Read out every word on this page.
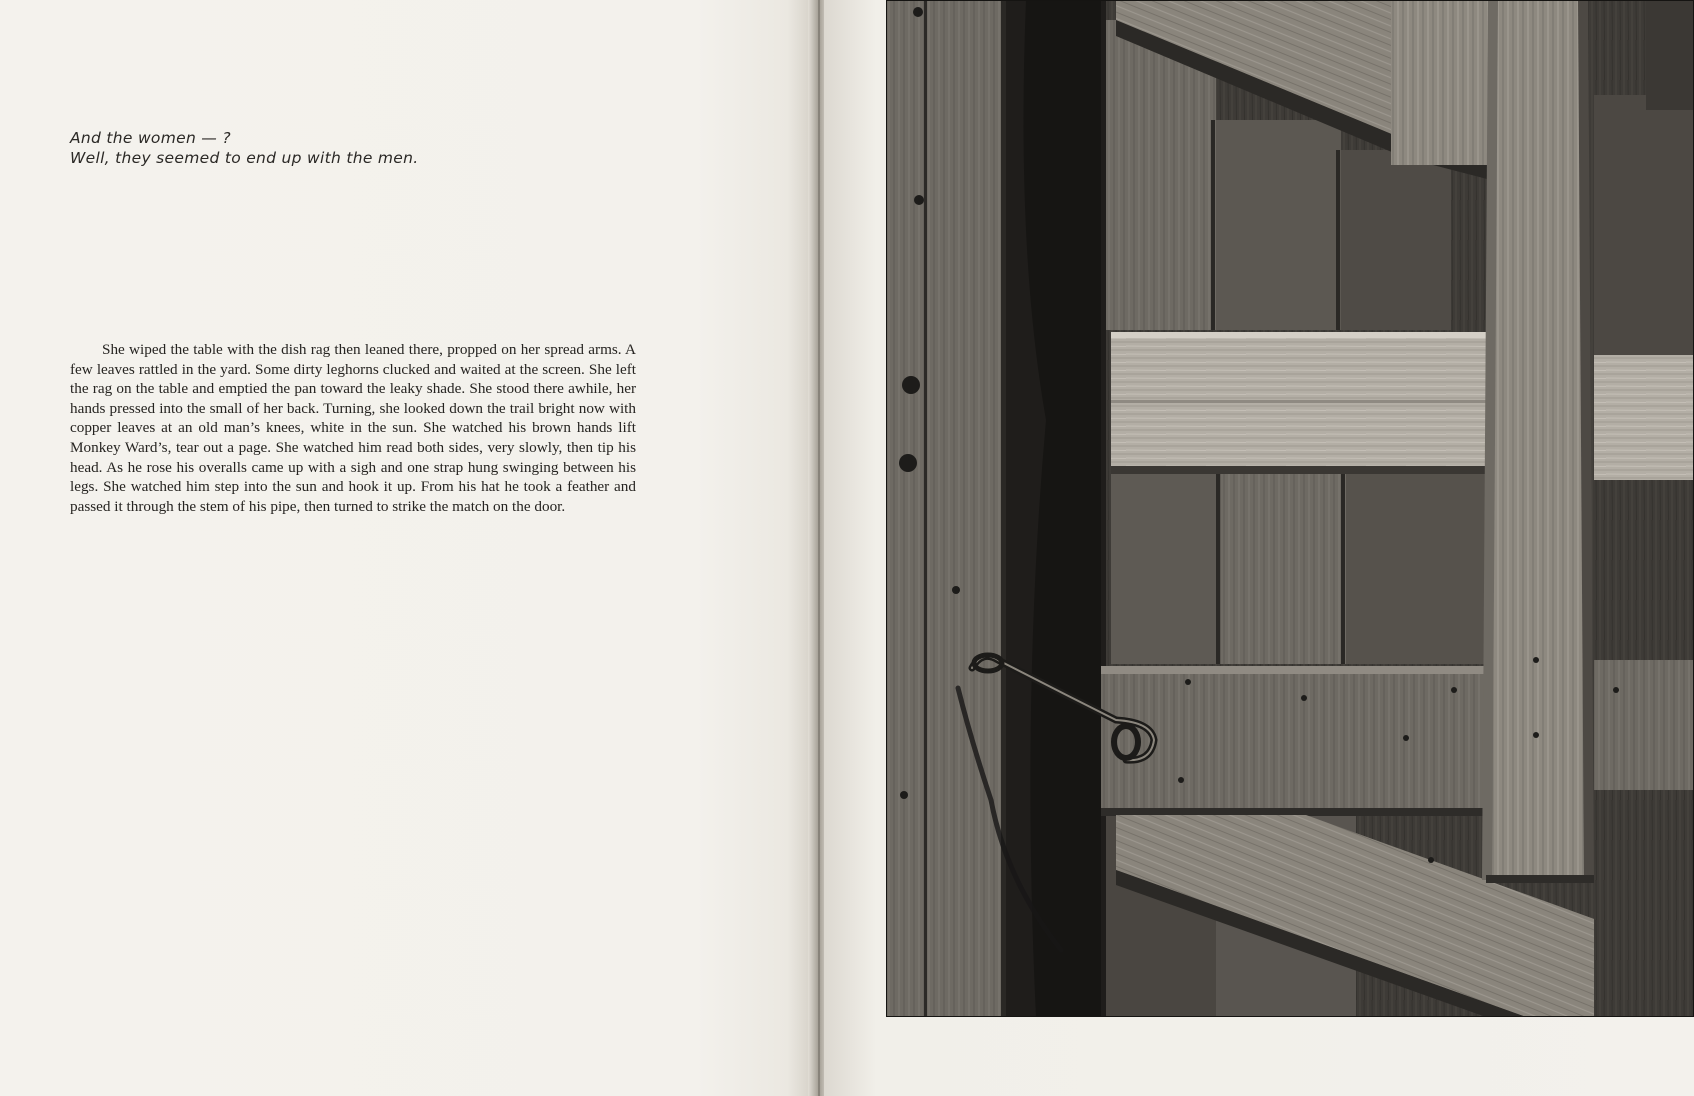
And the women — ?
Well, they seemed to end up with the men.

She wiped the table with the dish rag then leaned there, propped on her spread arms. A few leaves rattled in the yard. Some dirty leghorns clucked and waited at the screen. She left the rag on the table and emptied the pan toward the leaky shade. She stood there awhile, her hands pressed into the small of her back. Turning, she looked down the trail bright now with copper leaves at an old man’s knees, white in the sun. She watched his brown hands lift Monkey Ward’s, tear out a page. She watched him read both sides, very slowly, then tip his head. As he rose his overalls came up with a sigh and one strap hung swinging between his legs. She watched him step into the sun and hook it up. From his hat he took a feather and passed it through the stem of his pipe, then turned to strike the match on the door.
